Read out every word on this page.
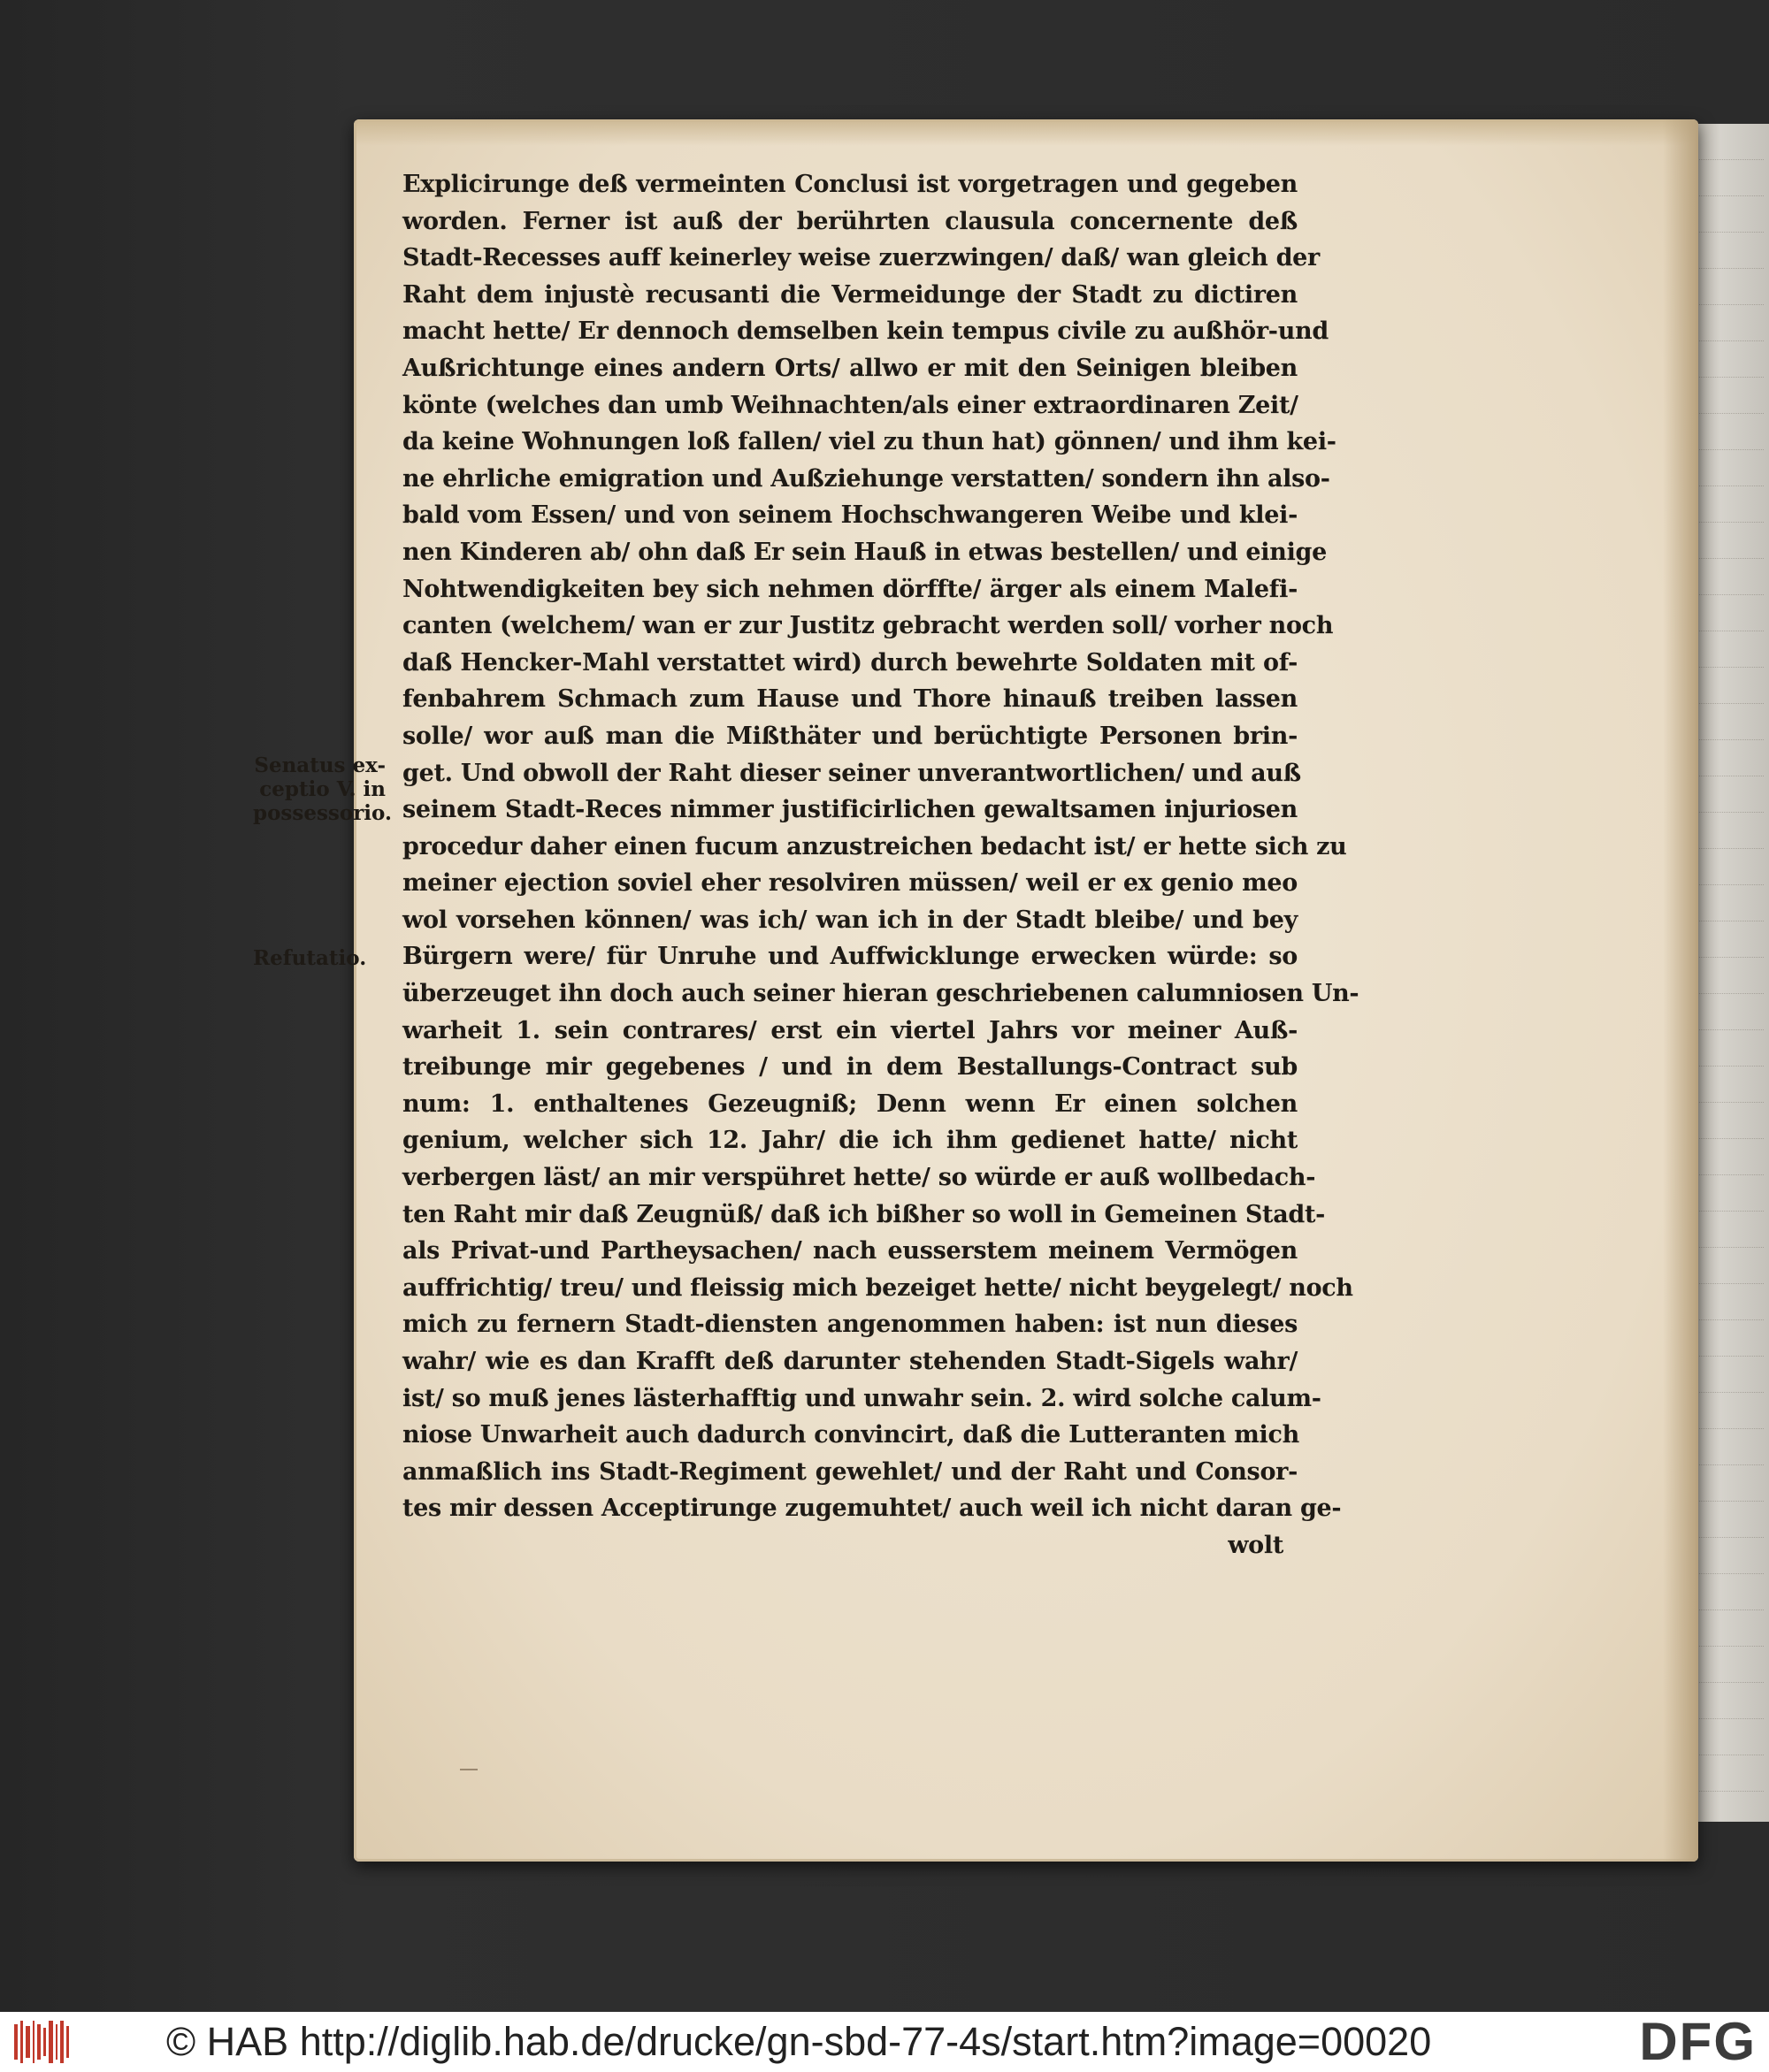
Explicirunge deß vermeinten Conclusi ist vorgetragen und gegeben
worden. Ferner ist auß der berührten clausula concernente deß
Stadt-Recesses auff keinerley weise zuerzwingen/ daß/ wan gleich der
Raht dem injustè recusanti die Vermeidunge der Stadt zu dictiren
macht hette/ Er dennoch demselben kein tempus civile zu außhör-und
Außrichtunge eines andern Orts/ allwo er mit den Seinigen bleiben
könte (welches dan umb Weihnachten/als einer extraordinaren Zeit/
da keine Wohnungen loß fallen/ viel zu thun hat) gönnen/ und ihm kei-
ne ehrliche emigration und Außziehunge verstatten/ sondern ihn also-
bald vom Essen/ und von seinem Hochschwangeren Weibe und klei-
nen Kinderen ab/ ohn daß Er sein Hauß in etwas bestellen/ und einige
Nohtwendigkeiten bey sich nehmen dörffte/ ärger als einem Malefi-
canten (welchem/ wan er zur Justitz gebracht werden soll/ vorher noch
daß Hencker-Mahl verstattet wird) durch bewehrte Soldaten mit of-
fenbahrem Schmach zum Hause und Thore hinauß treiben lassen
solle/ wor auß man die Mißthäter und berüchtigte Personen brin-
get. Und obwoll der Raht dieser seiner unverantwortlichen/ und auß
seinem Stadt-Reces nimmer justificirlichen gewaltsamen injuriosen
procedur daher einen fucum anzustreichen bedacht ist/ er hette sich zu
meiner ejection soviel eher resolviren müssen/ weil er ex genio meo
wol vorsehen können/ was ich/ wan ich in der Stadt bleibe/ und bey
Bürgern were/ für Unruhe und Auffwicklunge erwecken würde: so
überzeuget ihn doch auch seiner hieran geschriebenen calumniosen Un-
warheit 1. sein contrares/ erst ein viertel Jahrs vor meiner Auß-
treibunge mir gegebenes / und in dem Bestallungs-Contract sub
num: 1. enthaltenes Gezeugniß; Denn wenn Er einen solchen
genium, welcher sich 12. Jahr/ die ich ihm gedienet hatte/ nicht
verbergen läst/ an mir verspühret hette/ so würde er auß wollbedach-
ten Raht mir daß Zeugnüß/ daß ich bißher so woll in Gemeinen Stadt-
als Privat-und Partheysachen/ nach eusserstem meinem Vermögen
auffrichtig/ treu/ und fleissig mich bezeiget hette/ nicht beygelegt/ noch
mich zu fernern Stadt-diensten angenommen haben: ist nun dieses
wahr/ wie es dan Krafft deß darunter stehenden Stadt-Sigels wahr/
ist/ so muß jenes lästerhafftig und unwahr sein. 2. wird solche calum-
niose Unwarheit auch dadurch convincirt, daß die Lutteranten mich
anmaßlich ins Stadt-Regiment gewehlet/ und der Raht und Consor-
tes mir dessen Acceptirunge zugemuhtet/ auch weil ich nicht daran ge-
wolt
Senatus ex-
ceptio V. in
possessorio.
Refutatio.
© HAB http://diglib.hab.de/drucke/gn-sbd-77-4s/start.htm?image=00020	DFG
